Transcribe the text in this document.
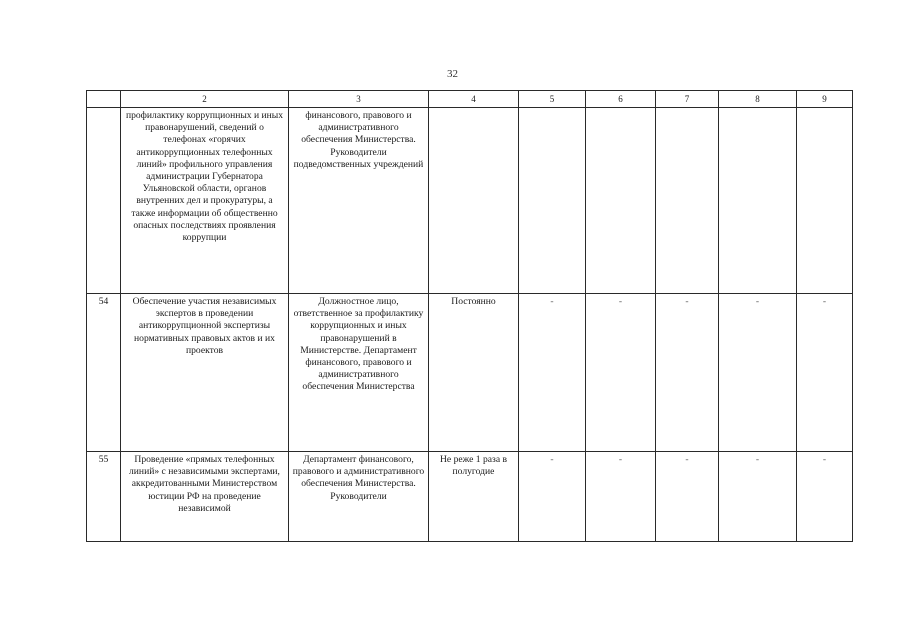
32
	2	3	4	5	6	7	8	9
	профилактику коррупционных и иных правонарушений, сведений о телефонах «горячих антикоррупционных телефонных линий» профильного управления администрации Губернатора Ульяновской области, органов внутренних дел и прокуратуры, а также информации об общественно опасных последствиях проявления коррупции	финансового, правового и административного обеспечения Министерства. Руководители подведомственных учреждений						
54	Обеспечение участия независимых экспертов в проведении антикоррупционной экспертизы нормативных правовых актов и их проектов	Должностное лицо, ответственное за профилактику коррупционных и иных правонарушений в Министерстве. Департамент финансового, правового и административного обеспечения Министерства	Постоянно	-	-	-	-	-
55	Проведение «прямых телефонных линий» с независимыми экспертами, аккредитованными Министерством юстиции РФ на проведение независимой	Департамент финансового, правового и административного обеспечения Министерства. Руководители	Не реже 1 раза в полугодие	-	-	-	-	-
